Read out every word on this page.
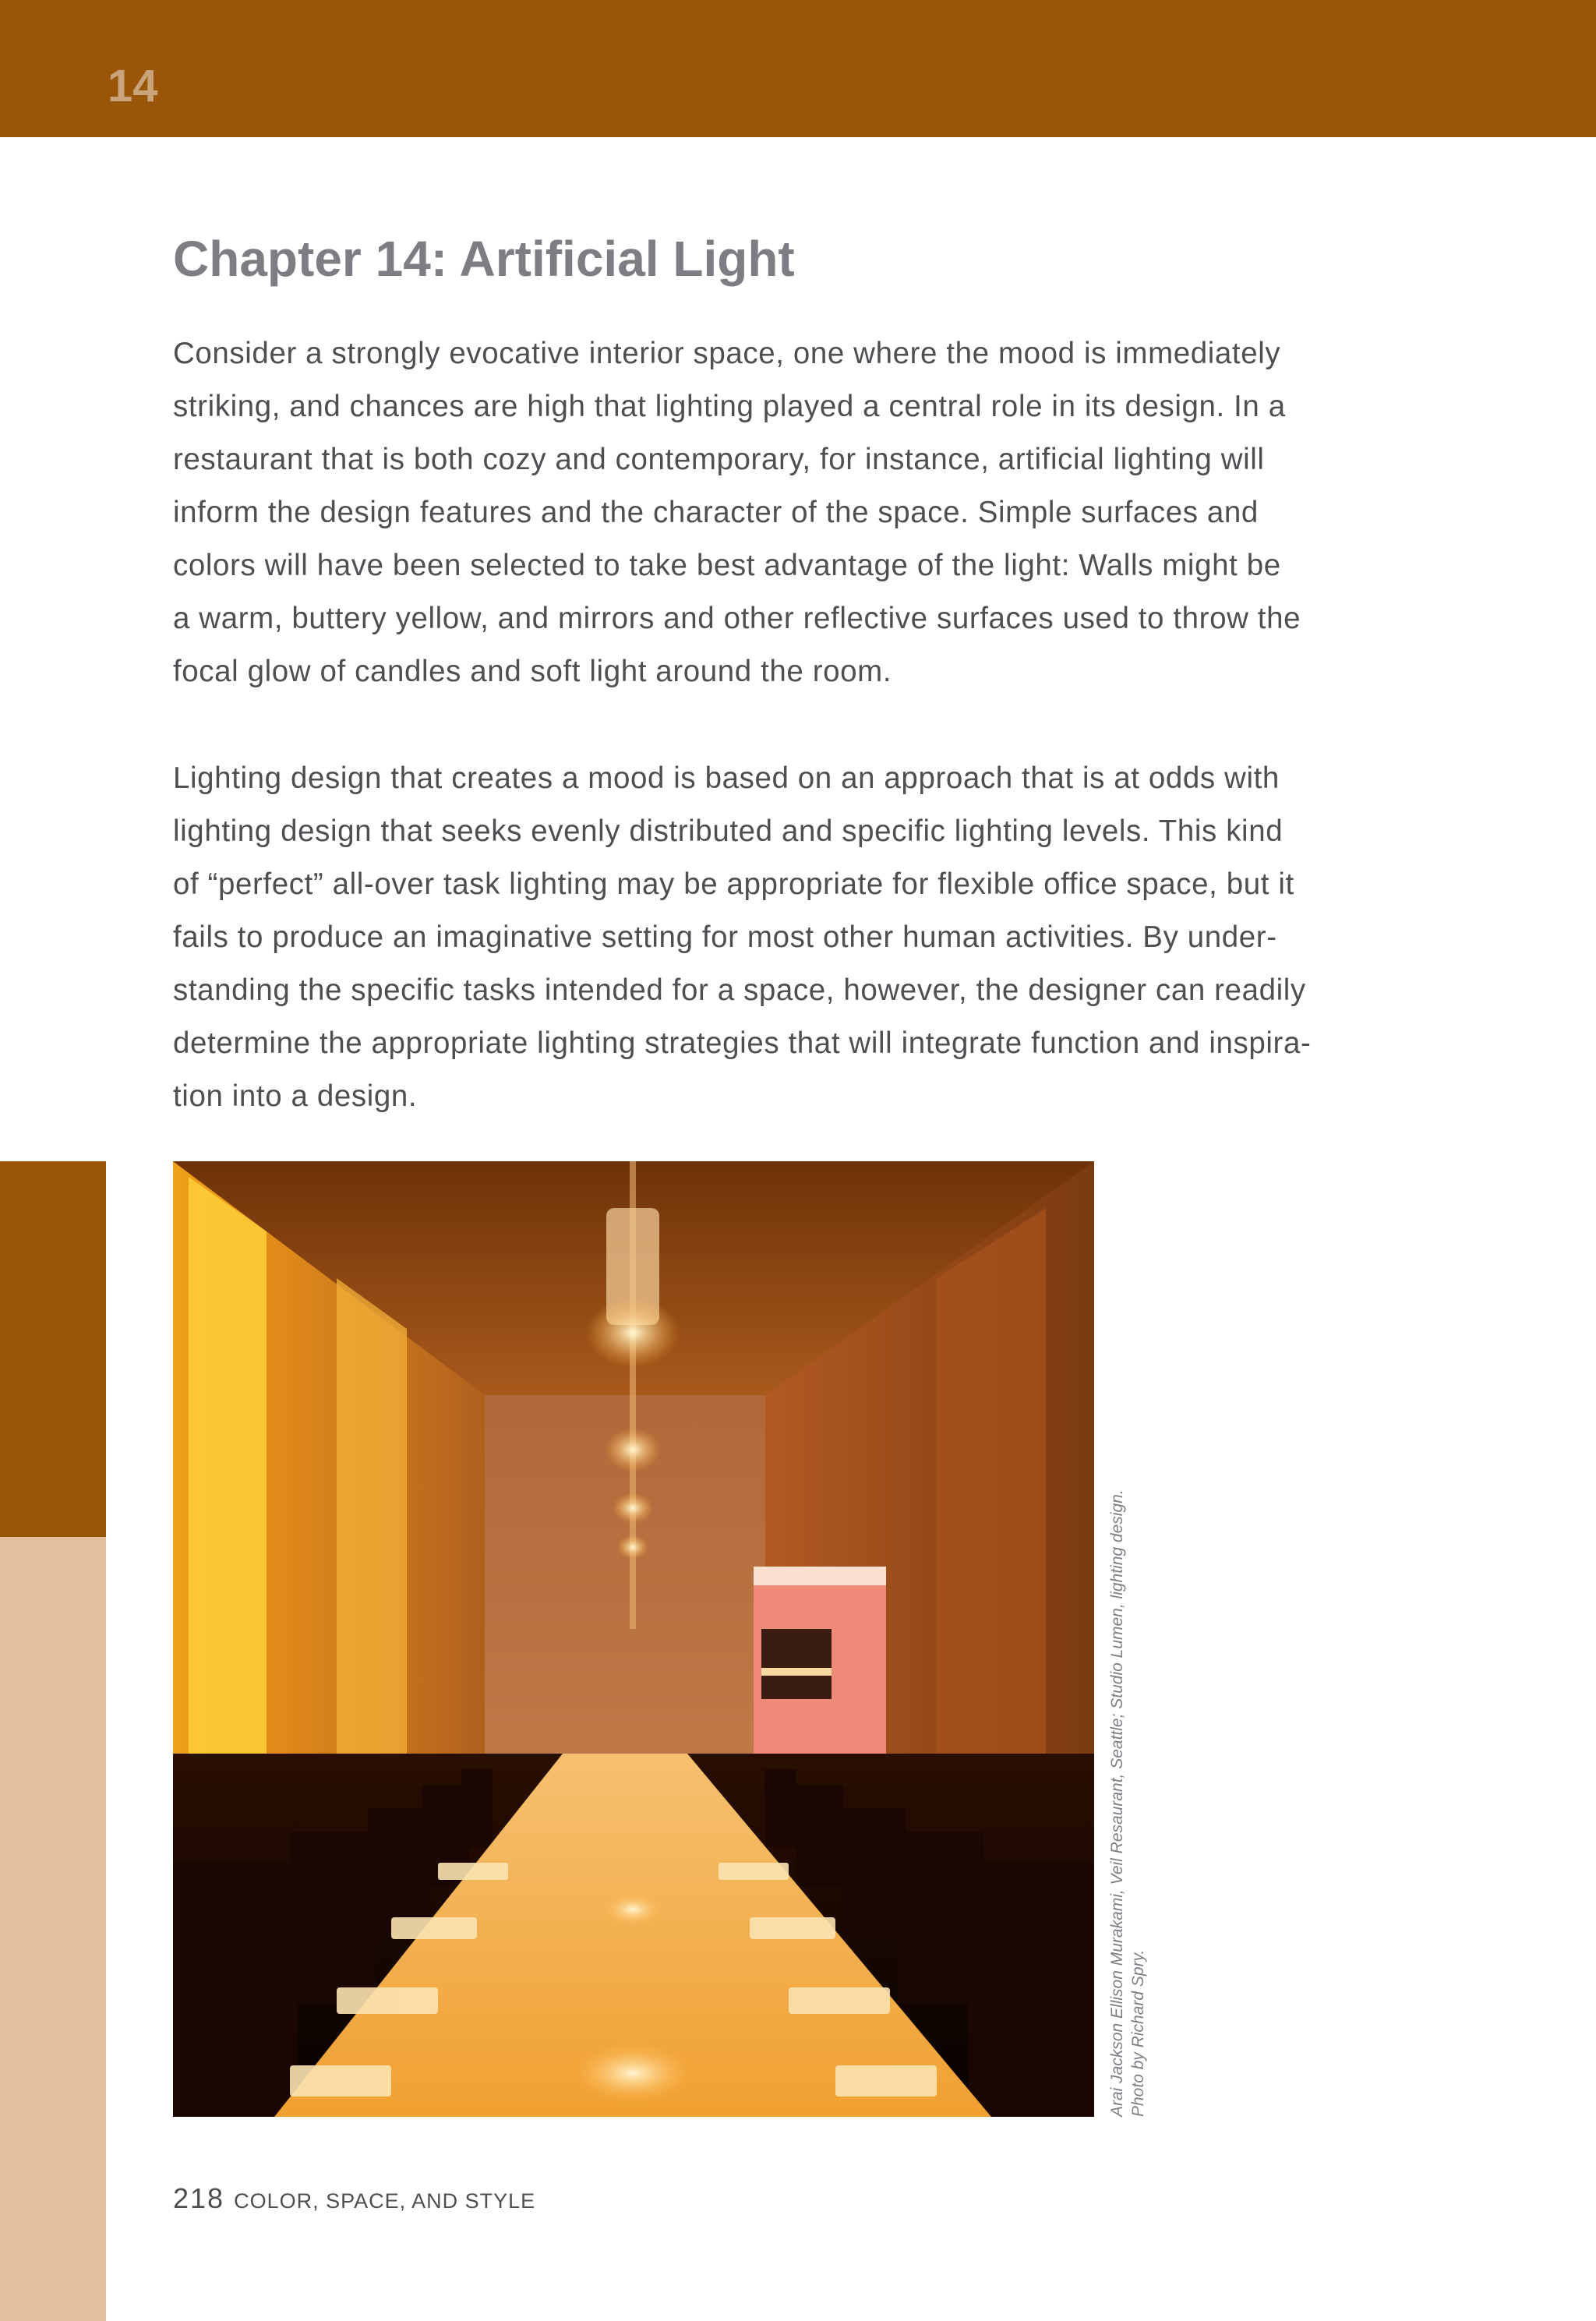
14
Chapter 14: Artificial Light
Consider a strongly evocative interior space, one where the mood is immediately
striking, and chances are high that lighting played a central role in its design. In a
restaurant that is both cozy and contemporary, for instance, artificial lighting will
inform the design features and the character of the space. Simple surfaces and
colors will have been selected to take best advantage of the light: Walls might be
a warm, buttery yellow, and mirrors and other reflective surfaces used to throw the
focal glow of candles and soft light around the room.
Lighting design that creates a mood is based on an approach that is at odds with
lighting design that seeks evenly distributed and specific lighting levels. This kind
of “perfect” all-over task lighting may be appropriate for flexible office space, but it
fails to produce an imaginative setting for most other human activities. By under-
standing the specific tasks intended for a space, however, the designer can readily
determine the appropriate lighting strategies that will integrate function and inspira-
tion into a design.
Arai Jackson Ellison Murakami, Veil Resaurant, Seattle; Studio Lumen, lighting design. Photo by Richard Spry.
218 COLOR, SPACE, AND STYLE
